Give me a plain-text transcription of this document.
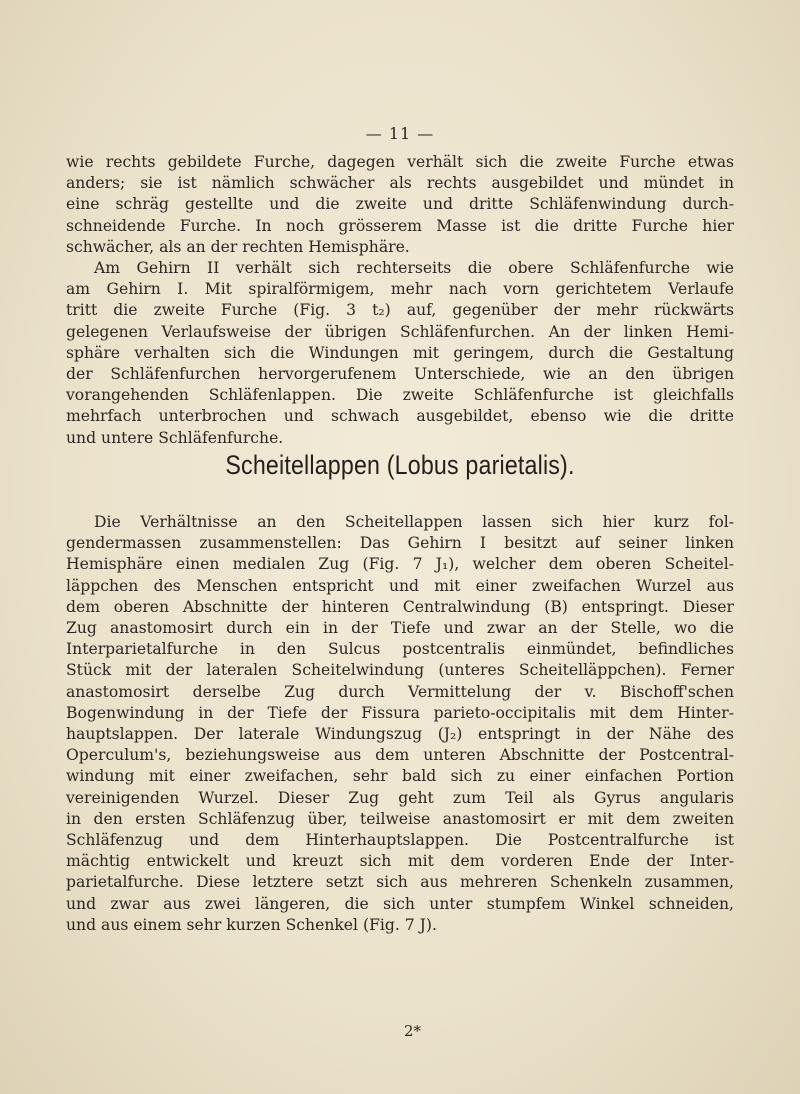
— 11 —

wie rechts gebildete Furche, dagegen verhält sich die zweite Furche etwas

anders; sie ist nämlich schwächer als rechts ausgebildet und mündet in

eine schräg gestellte und die zweite und dritte Schläfenwindung durch-

schneidende Furche. In noch grösserem Masse ist die dritte Furche hier

schwächer, als an der rechten Hemisphäre.

Am Gehirn II verhält sich rechterseits die obere Schläfenfurche wie

am Gehirn I. Mit spiralförmigem, mehr nach vorn gerichtetem Verlaufe

tritt die zweite Furche (Fig. 3 t₂) auf, gegenüber der mehr rückwärts

gelegenen Verlaufsweise der übrigen Schläfenfurchen. An der linken Hemi-

sphäre verhalten sich die Windungen mit geringem, durch die Gestaltung

der Schläfenfurchen hervorgerufenem Unterschiede, wie an den übrigen

vorangehenden Schläfenlappen. Die zweite Schläfenfurche ist gleichfalls

mehrfach unterbrochen und schwach ausgebildet, ebenso wie die dritte

und untere Schläfenfurche.

Scheitellappen (Lobus parietalis).

Die Verhältnisse an den Scheitellappen lassen sich hier kurz fol-

gendermassen zusammenstellen: Das Gehirn I besitzt auf seiner linken

Hemisphäre einen medialen Zug (Fig. 7 J₁), welcher dem oberen Scheitel-

läppchen des Menschen entspricht und mit einer zweifachen Wurzel aus

dem oberen Abschnitte der hinteren Centralwindung (B) entspringt. Dieser

Zug anastomosirt durch ein in der Tiefe und zwar an der Stelle, wo die

Interparietalfurche in den Sulcus postcentralis einmündet, befindliches

Stück mit der lateralen Scheitelwindung (unteres Scheitelläppchen). Ferner

anastomosirt derselbe Zug durch Vermittelung der v. Bischoff'schen

Bogenwindung in der Tiefe der Fissura parieto-occipitalis mit dem Hinter-

hauptslappen. Der laterale Windungszug (J₂) entspringt in der Nähe des

Operculum's, beziehungsweise aus dem unteren Abschnitte der Postcentral-

windung mit einer zweifachen, sehr bald sich zu einer einfachen Portion

vereinigenden Wurzel. Dieser Zug geht zum Teil als Gyrus angularis

in den ersten Schläfenzug über, teilweise anastomosirt er mit dem zweiten

Schläfenzug und dem Hinterhauptslappen. Die Postcentralfurche ist

mächtig entwickelt und kreuzt sich mit dem vorderen Ende der Inter-

parietalfurche. Diese letztere setzt sich aus mehreren Schenkeln zusammen,

und zwar aus zwei längeren, die sich unter stumpfem Winkel schneiden,

und aus einem sehr kurzen Schenkel (Fig. 7 J).

2*
